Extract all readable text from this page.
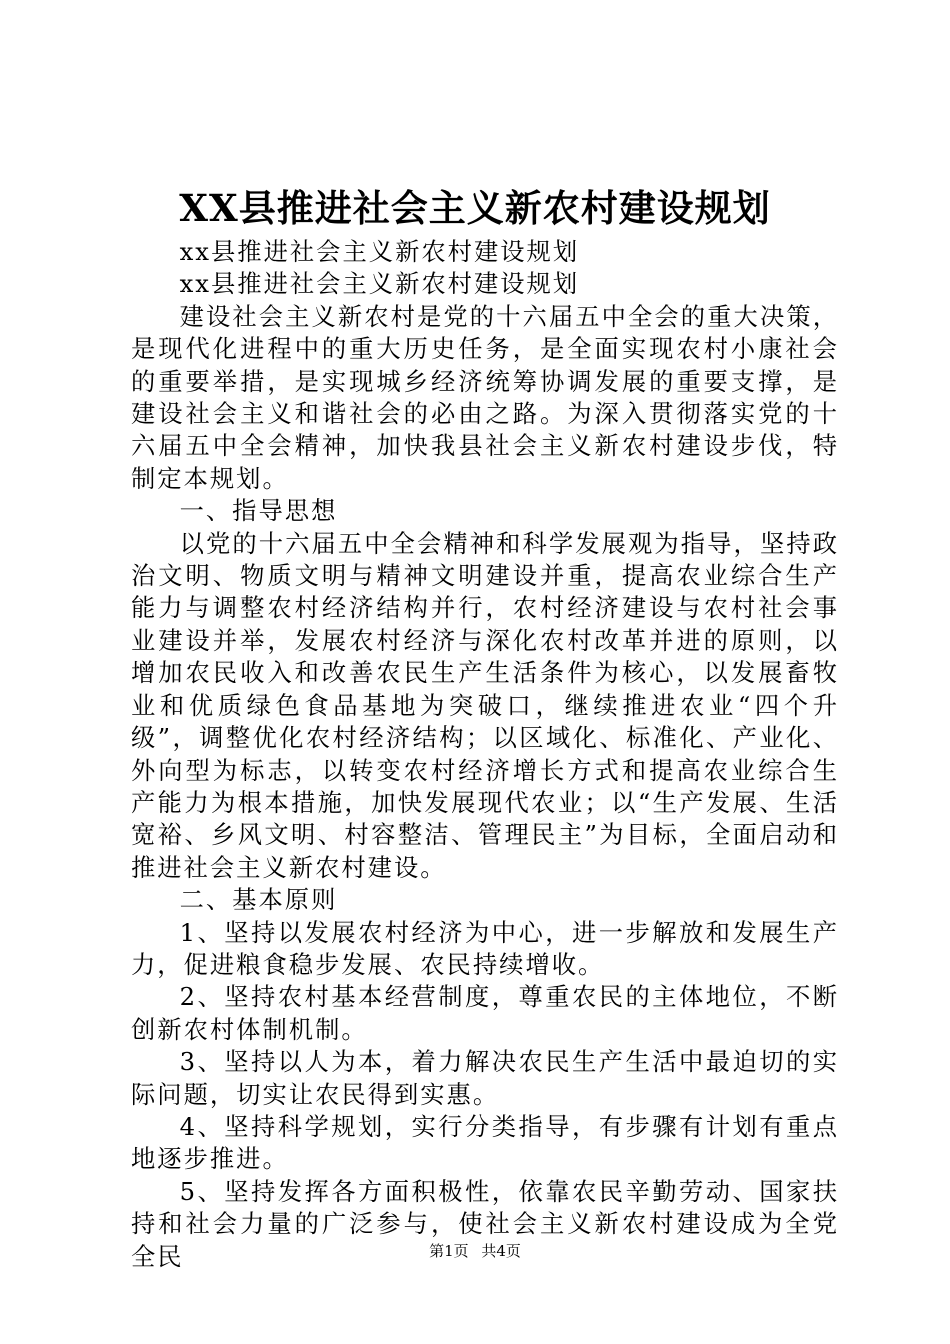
XX县推进社会主义新农村建设规划

xx县推进社会主义新农村建设规划

xx县推进社会主义新农村建设规划

建设社会主义新农村是党的十六届五中全会的重大决策，是现代化进程中的重大历史任务，是全面实现农村小康社会的重要举措，是实现城乡经济统筹协调发展的重要支撑，是建设社会主义和谐社会的必由之路。为深入贯彻落实党的十六届五中全会精神，加快我县社会主义新农村建设步伐，特制定本规划。

一、指导思想

以党的十六届五中全会精神和科学发展观为指导，坚持政治文明、物质文明与精神文明建设并重，提高农业综合生产能力与调整农村经济结构并行，农村经济建设与农村社会事业建设并举，发展农村经济与深化农村改革并进的原则，以增加农民收入和改善农民生产生活条件为核心，以发展畜牧业和优质绿色食品基地为突破口，继续推进农业“四个升级”，调整优化农村经济结构；以区域化、标准化、产业化、外向型为标志，以转变农村经济增长方式和提高农业综合生产能力为根本措施，加快发展现代农业；以“生产发展、生活宽裕、乡风文明、村容整洁、管理民主”为目标，全面启动和推进社会主义新农村建设。

二、基本原则

1、坚持以发展农村经济为中心，进一步解放和发展生产力，促进粮食稳步发展、农民持续增收。

2、坚持农村基本经营制度，尊重农民的主体地位，不断创新农村体制机制。

3、坚持以人为本，着力解决农民生产生活中最迫切的实际问题，切实让农民得到实惠。

4、坚持科学规划，实行分类指导，有步骤有计划有重点地逐步推进。

5、坚持发挥各方面积极性，依靠农民辛勤劳动、国家扶持和社会力量的广泛参与，使社会主义新农村建设成为全党全民	第1页 共4页
